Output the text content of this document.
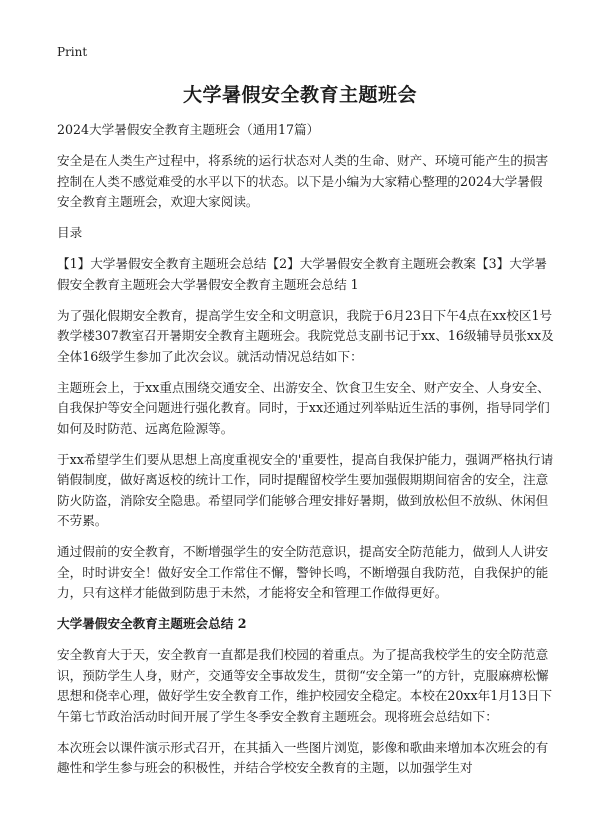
Print
大学暑假安全教育主题班会

2024大学暑假安全教育主题班会（通用17篇）

安全是在人类生产过程中，将系统的运行状态对人类的生命、财产、环境可能产生的损害控制在人类不感觉难受的水平以下的状态。以下是小编为大家精心整理的2024大学暑假安全教育主题班会，欢迎大家阅读。

目录

【1】大学暑假安全教育主题班会总结【2】大学暑假安全教育主题班会教案【3】大学暑假安全教育主题班会大学暑假安全教育主题班会总结 1

为了强化假期安全教育，提高学生安全和文明意识，我院于6月23日下午4点在xx校区1号教学楼307教室召开暑期安全教育主题班会。我院党总支副书记于xx、16级辅导员张xx及全体16级学生参加了此次会议。就活动情况总结如下：

主题班会上，于xx重点围绕交通安全、出游安全、饮食卫生安全、财产安全、人身安全、自我保护等安全问题进行强化教育。同时，于xx还通过列举贴近生活的事例，指导同学们如何及时防范、远离危险源等。

于xx希望学生们要从思想上高度重视安全的'重要性，提高自我保护能力，强调严格执行请销假制度，做好离返校的统计工作，同时提醒留校学生要加强假期期间宿舍的安全，注意防火防盗，消除安全隐患。希望同学们能够合理安排好暑期，做到放松但不放纵、休闲但不劳累。

通过假前的安全教育，不断增强学生的安全防范意识，提高安全防范能力，做到人人讲安全，时时讲安全！做好安全工作常住不懈，警钟长鸣，不断增强自我防范，自我保护的能力，只有这样才能做到防患于未然，才能将安全和管理工作做得更好。

大学暑假安全教育主题班会总结 2

安全教育大于天，安全教育一直都是我们校园的着重点。为了提高我校学生的安全防范意识，预防学生人身，财产，交通等安全事故发生，贯彻“安全第一”的方针，克服麻痹松懈思想和侥幸心理，做好学生安全教育工作，维护校园安全稳定。本校在20xx年1月13日下午第七节政治活动时间开展了学生冬季安全教育主题班会。现将班会总结如下：

本次班会以课件演示形式召开，在其插入一些图片浏览，影像和歌曲来增加本次班会的有趣性和学生参与班会的积极性，并结合学校安全教育的主题，以加强学生对
